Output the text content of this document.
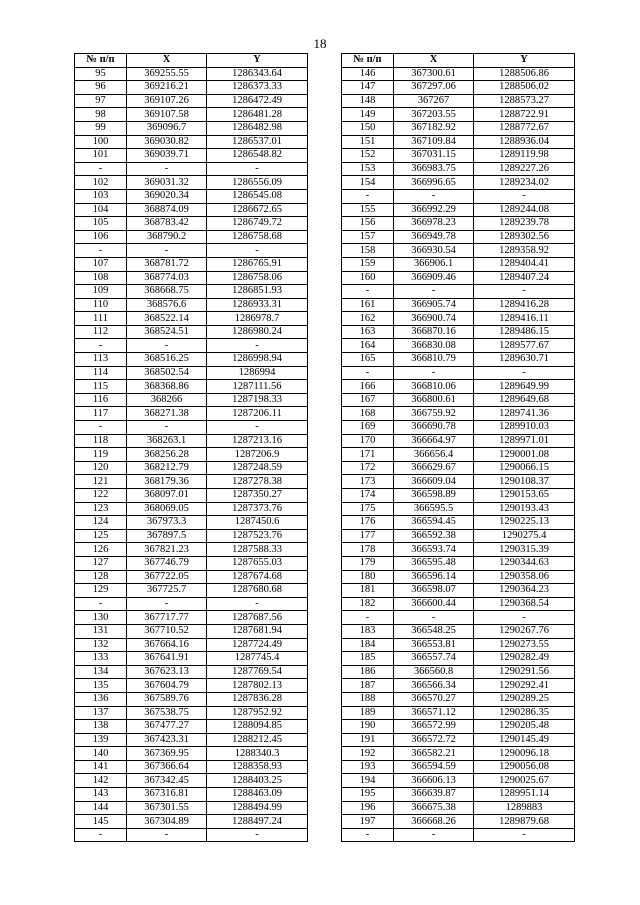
18
№ п/п	X	Y
95	369255.55	1286343.64
96	369216.21	1286373.33
97	369107.26	1286472.49
98	369107.58	1286481.28
99	369096.7	1286482.98
100	369030.82	1286537.01
101	369039.71	1286548.82
-	-	-
102	369031.32	1286556.09
103	369020.34	1286545.08
104	368874.09	1286672.65
105	368783.42	1286749.72
106	368790.2	1286758.68
-	-	-
107	368781.72	1286765.91
108	368774.03	1286758.06
109	368668.75	1286851.93
110	368576.6	1286933.31
111	368522.14	1286978.7
112	368524.51	1286980.24
-	-	-
113	368516.25	1286998.94
114	368502.54	1286994
115	368368.86	1287111.56
116	368266	1287198.33
117	368271.38	1287206.11
-	-	-
118	368263.1	1287213.16
119	368256.28	1287206.9
120	368212.79	1287248.59
121	368179.36	1287278.38
122	368097.01	1287350.27
123	368069.05	1287373.76
124	367973.3	1287450.6
125	367897.5	1287523.76
126	367821.23	1287588.33
127	367746.79	1287655.03
128	367722.05	1287674.68
129	367725.7	1287680.68
-	-	-
130	367717.77	1287687.56
131	367710.52	1287681.94
132	367664.16	1287724.49
133	367641.91	1287745.4
134	367623.13	1287769.54
135	367604.79	1287802.13
136	367589.76	1287836.28
137	367538.75	1287952.92
138	367477.27	1288094.85
139	367423.31	1288212.45
140	367369.95	1288340.3
141	367366.64	1288358.93
142	367342.45	1288403.25
143	367316.81	1288463.09
144	367301.55	1288494.99
145	367304.89	1288497.24
-	-	-
№ п/п	X	Y
146	367300.61	1288506.86
147	367297.06	1288506.02
148	367267	1288573.27
149	367203.55	1288722.91
150	367182.92	1288772.67
151	367109.84	1288936.04
152	367031.15	1289119.98
153	366983.75	1289227.26
154	366996.65	1289234.02
-	-	-
155	366992.29	1289244.08
156	366978.23	1289239.78
157	366949.78	1289302.56
158	366930.54	1289358.92
159	366906.1	1289404.41
160	366909.46	1289407.24
-	-	-
161	366905.74	1289416.28
162	366900.74	1289416.11
163	366870.16	1289486.15
164	366830.08	1289577.67
165	366810.79	1289630.71
-	-	-
166	366810.06	1289649.99
167	366800.61	1289649.68
168	366759.92	1289741.36
169	366690.78	1289910.03
170	366664.97	1289971.01
171	366656.4	1290001.08
172	366629.67	1290066.15
173	366609.04	1290108.37
174	366598.89	1290153.65
175	366595.5	1290193.43
176	366594.45	1290225.13
177	366592.38	1290275.4
178	366593.74	1290315.39
179	366595.48	1290344.63
180	366596.14	1290358.06
181	366598.07	1290364.23
182	366600.44	1290368.54
-	-	-
183	366548.25	1290267.76
184	366553.81	1290273.55
185	366557.74	1290282.49
186	366560.8	1290291.56
187	366566.34	1290292.41
188	366570.27	1290289.25
189	366571.12	1290286.35
190	366572.99	1290205.48
191	366572.72	1290145.49
192	366582.21	1290096.18
193	366594.59	1290056.08
194	366606.13	1290025.67
195	366639.87	1289951.14
196	366675.38	1289883
197	366668.26	1289879.68
-	-	-
